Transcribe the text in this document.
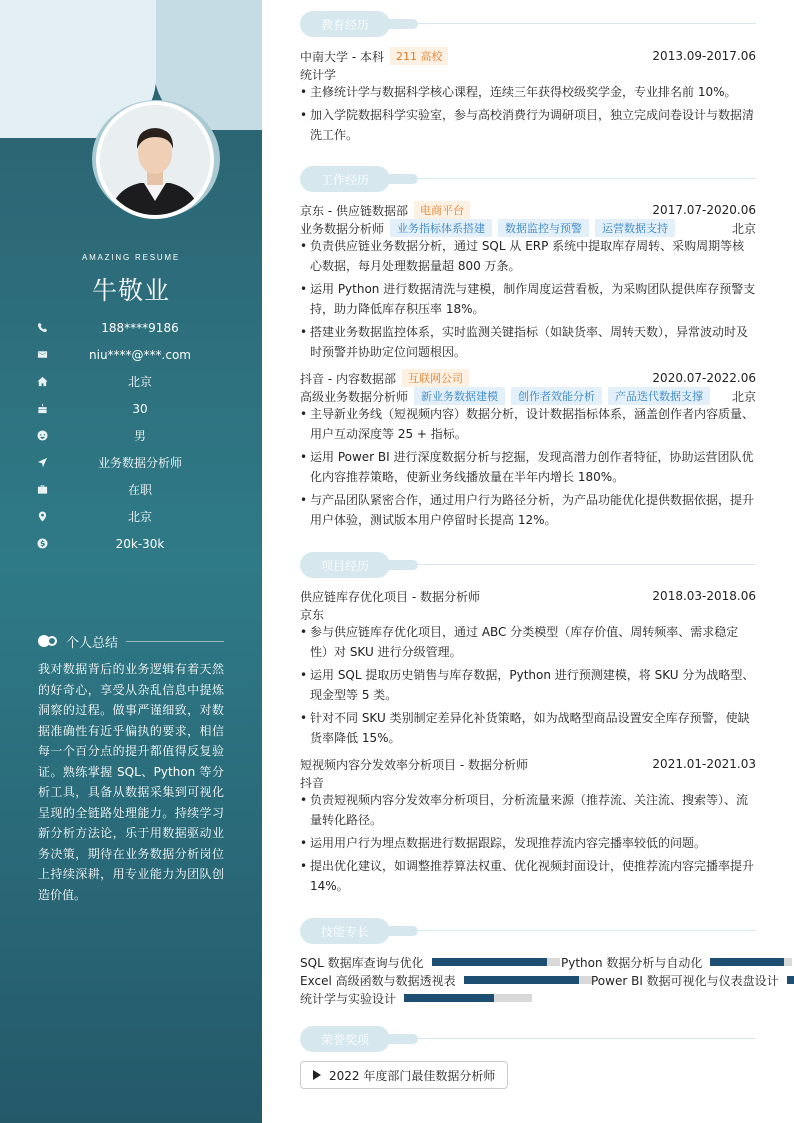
AMAZING RESUME
牛敬业
188****9186
niu****@***.com
北京
30
男
业务数据分析师
在职
北京
20k-30k
个人总结
我对数据背后的业务逻辑有着天然的好奇心，享受从杂乱信息中提炼洞察的过程。做事严谨细致，对数据准确性有近乎偏执的要求，相信每一个百分点的提升都值得反复验证。熟练掌握 SQL、Python 等分析工具，具备从数据采集到可视化呈现的全链路处理能力。持续学习新分析方法论，乐于用数据驱动业务决策，期待在业务数据分析岗位上持续深耕，用专业能力为团队创造价值。
教育经历
中南大学 - 本科	211 高校	2013.09-2017.06
统计学
• 主修统计学与数据科学核心课程，连续三年获得校级奖学金，专业排名前 10%。
• 加入学院数据科学实验室，参与高校消费行为调研项目，独立完成问卷设计与数据清洗工作。
工作经历
京东 - 供应链数据部	电商平台	2017.07-2020.06
业务数据分析师	业务指标体系搭建	数据监控与预警	运营数据支持	北京
• 负责供应链业务数据分析，通过 SQL 从 ERP 系统中提取库存周转、采购周期等核心数据，每月处理数据量超 800 万条。
• 运用 Python 进行数据清洗与建模，制作周度运营看板，为采购团队提供库存预警支持，助力降低库存积压率 18%。
• 搭建业务数据监控体系，实时监测关键指标（如缺货率、周转天数），异常波动时及时预警并协助定位问题根因。
抖音 - 内容数据部	互联网公司	2020.07-2022.06
高级业务数据分析师	新业务数据建模	创作者效能分析	产品迭代数据支撑	北京
• 主导新业务线（短视频内容）数据分析，设计数据指标体系，涵盖创作者内容质量、用户互动深度等 25 + 指标。
• 运用 Power BI 进行深度数据分析与挖掘，发现高潜力创作者特征，协助运营团队优化内容推荐策略，使新业务线播放量在半年内增长 180%。
• 与产品团队紧密合作，通过用户行为路径分析，为产品功能优化提供数据依据，提升用户体验，测试版本用户停留时长提高 12%。
项目经历
供应链库存优化项目 - 数据分析师	2018.03-2018.06
京东
• 参与供应链库存优化项目，通过 ABC 分类模型（库存价值、周转频率、需求稳定性）对 SKU 进行分级管理。
• 运用 SQL 提取历史销售与库存数据，Python 进行预测建模，将 SKU 分为战略型、现金型等 5 类。
• 针对不同 SKU 类别制定差异化补货策略，如为战略型商品设置安全库存预警，使缺货率降低 15%。
短视频内容分发效率分析项目 - 数据分析师	2021.01-2021.03
抖音
• 负责短视频内容分发效率分析项目，分析流量来源（推荐流、关注流、搜索等）、流量转化路径。
• 运用用户行为埋点数据进行数据跟踪，发现推荐流内容完播率较低的问题。
• 提出优化建议，如调整推荐算法权重、优化视频封面设计，使推荐流内容完播率提升 14%。
技能专长
SQL 数据库查询与优化	Python 数据分析与自动化
Excel 高级函数与数据透视表	Power BI 数据可视化与仪表盘设计
统计学与实验设计
荣誉奖项
2022 年度部门最佳数据分析师
